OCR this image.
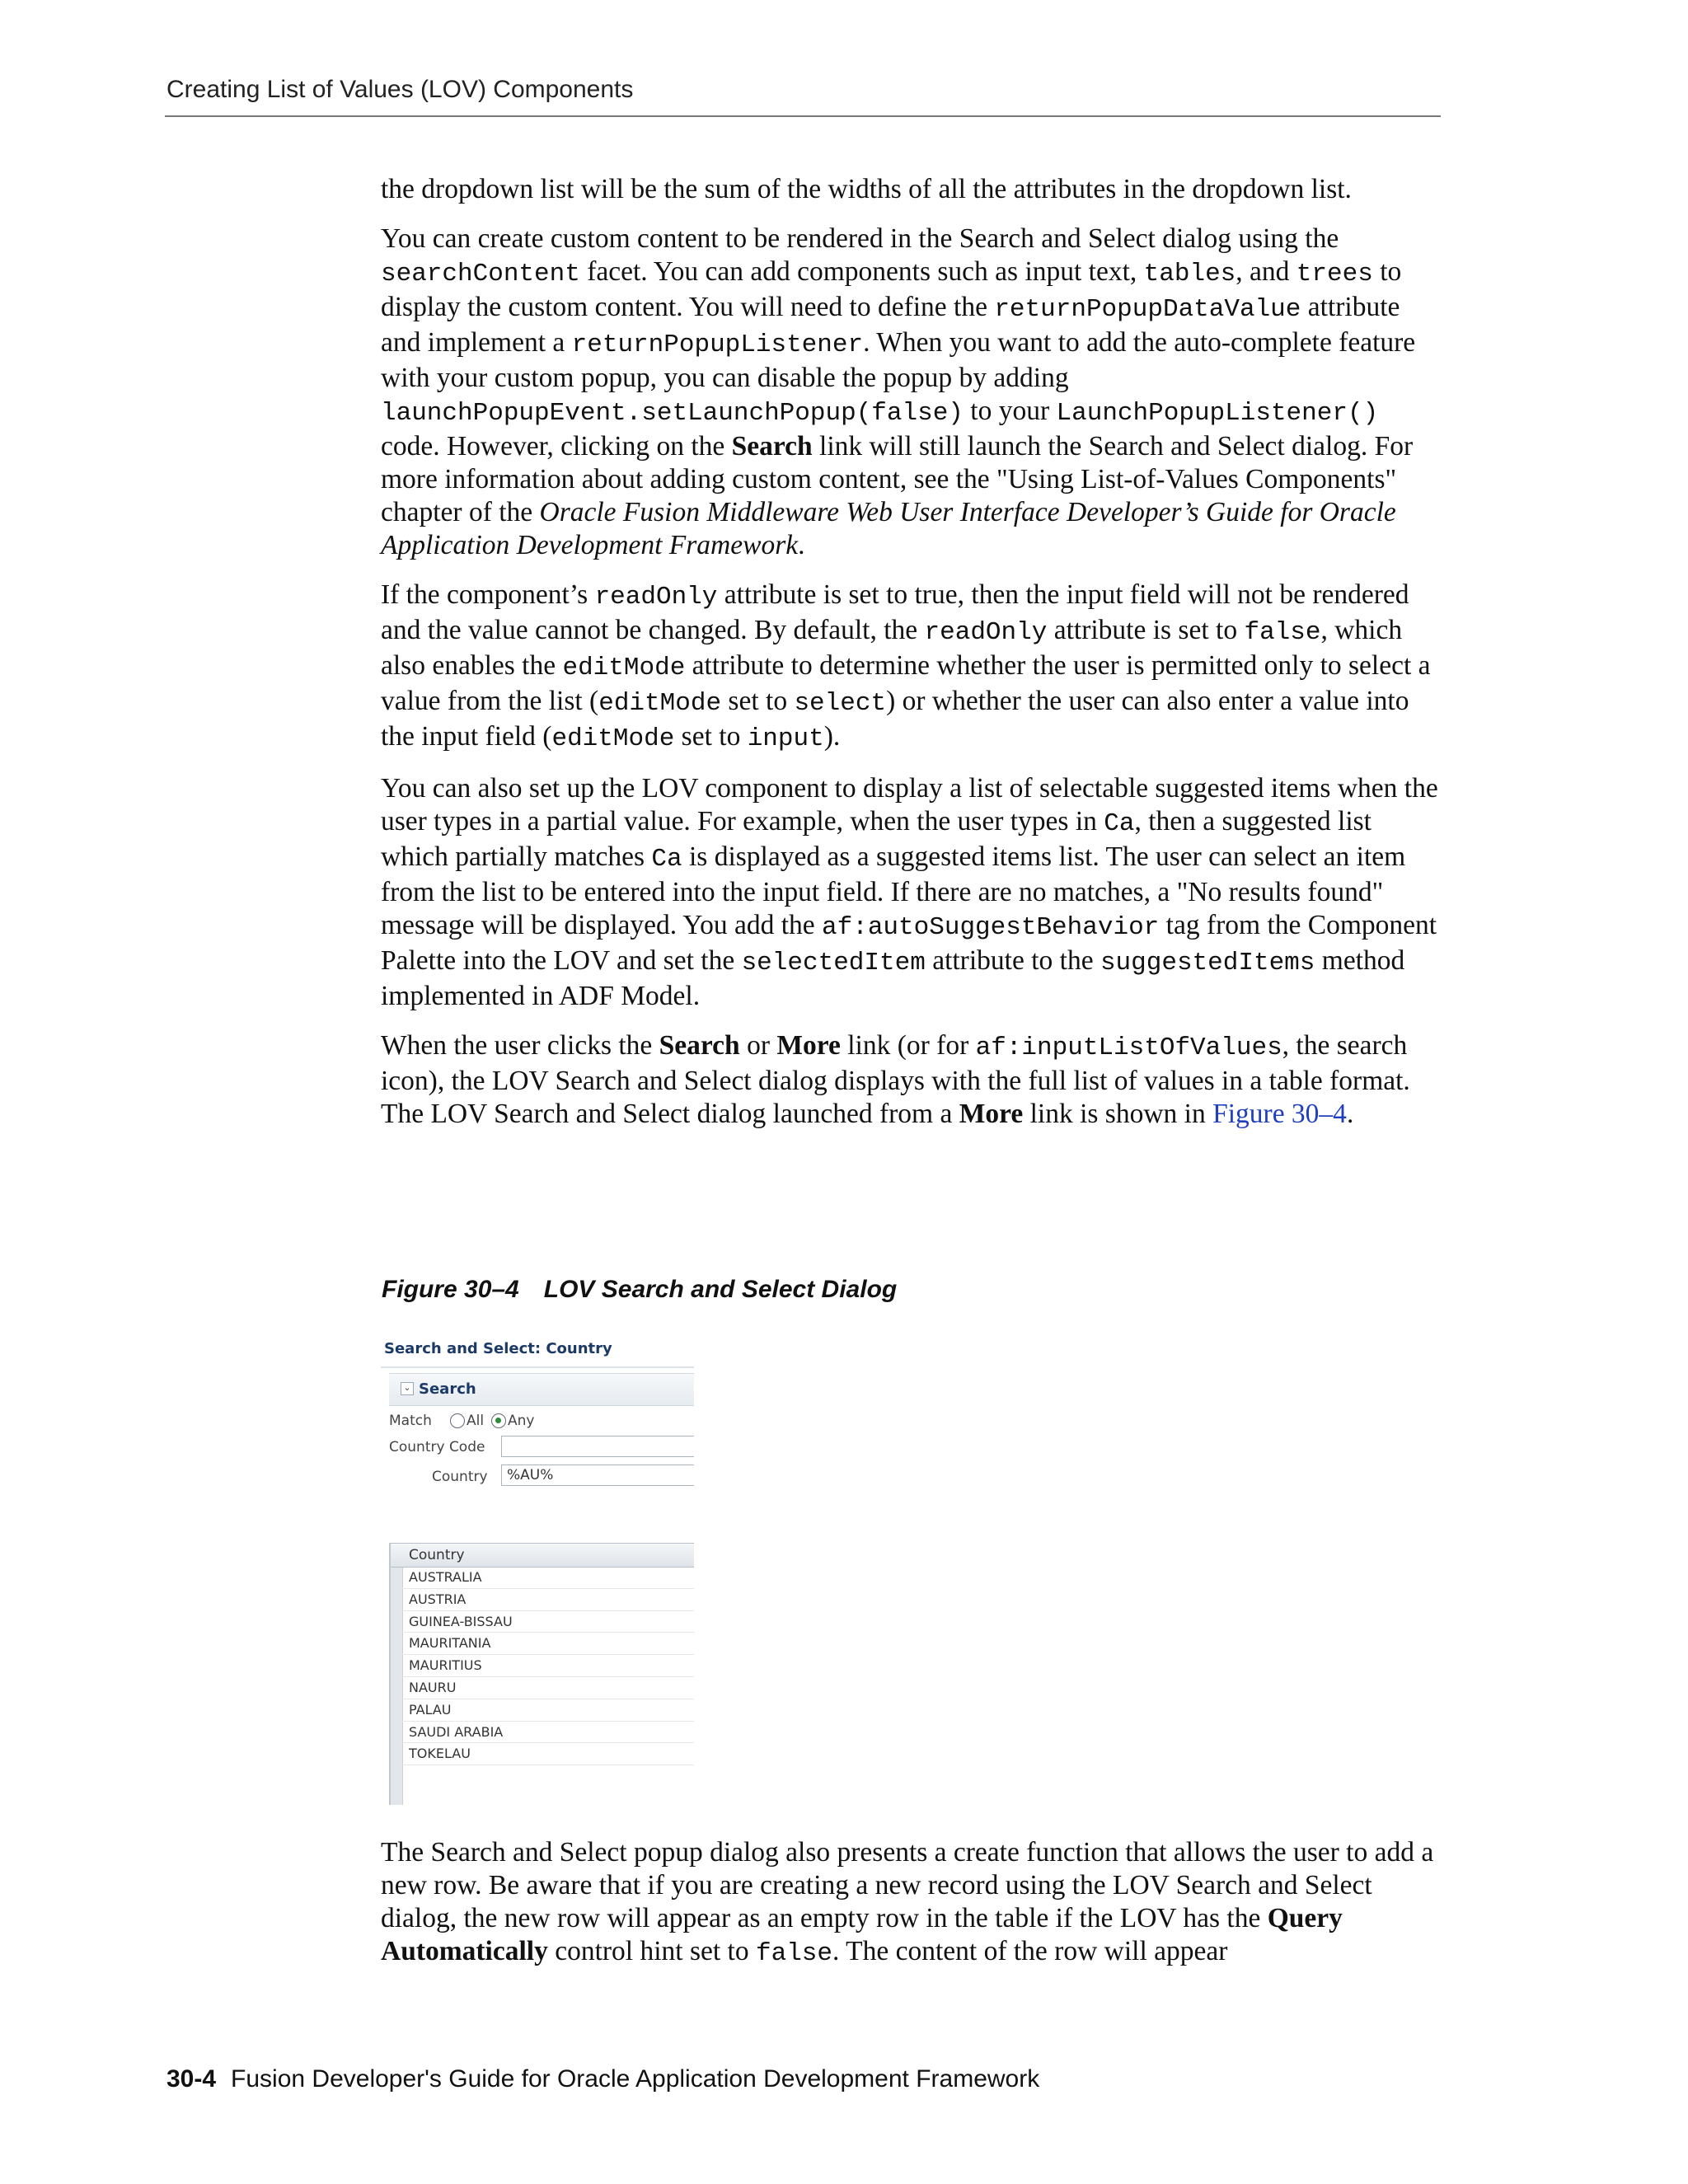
Creating List of Values (LOV) Components

the dropdown list will be the sum of the widths of all the attributes in the dropdown list.

You can create custom content to be rendered in the Search and Select dialog using the searchContent facet. You can add components such as input text, tables, and trees to display the custom content. You will need to define the returnPopupDataValue attribute and implement a returnPopupListener. When you want to add the auto-complete feature with your custom popup, you can disable the popup by adding launchPopupEvent.setLaunchPopup(false) to your LaunchPopupListener() code. However, clicking on the Search link will still launch the Search and Select dialog. For more information about adding custom content, see the "Using List-of-Values Components" chapter of the Oracle Fusion Middleware Web User Interface Developer’s Guide for Oracle Application Development Framework.

If the component’s readOnly attribute is set to true, then the input field will not be rendered and the value cannot be changed. By default, the readOnly attribute is set to false, which also enables the editMode attribute to determine whether the user is permitted only to select a value from the list (editMode set to select) or whether the user can also enter a value into the input field (editMode set to input).

You can also set up the LOV component to display a list of selectable suggested items when the user types in a partial value. For example, when the user types in Ca, then a suggested list which partially matches Ca is displayed as a suggested items list. The user can select an item from the list to be entered into the input field. If there are no matches, a "No results found" message will be displayed. You add the af:autoSuggestBehavior tag from the Component Palette into the LOV and set the selectedItem attribute to the suggestedItems method implemented in ADF Model.

When the user clicks the Search or More link (or for af:inputListOfValues, the search icon), the LOV Search and Select dialog displays with the full list of values in a table format. The LOV Search and Select dialog launched from a More link is shown in Figure 30–4.

Figure 30–4 LOV Search and Select Dialog
Search and Select: Country
⌄ Search
Match All Any
Country Code
Country	%AU%
Country
AUSTRALIA
AUSTRIA
GUINEA-BISSAU
MAURITANIA
MAURITIUS
NAURU
PALAU
SAUDI ARABIA
TOKELAU

The Search and Select popup dialog also presents a create function that allows the user to add a new row. Be aware that if you are creating a new record using the LOV Search and Select dialog, the new row will appear as an empty row in the table if the LOV has the Query Automatically control hint set to false. The content of the row will appear

30-4 Fusion Developer's Guide for Oracle Application Development Framework
